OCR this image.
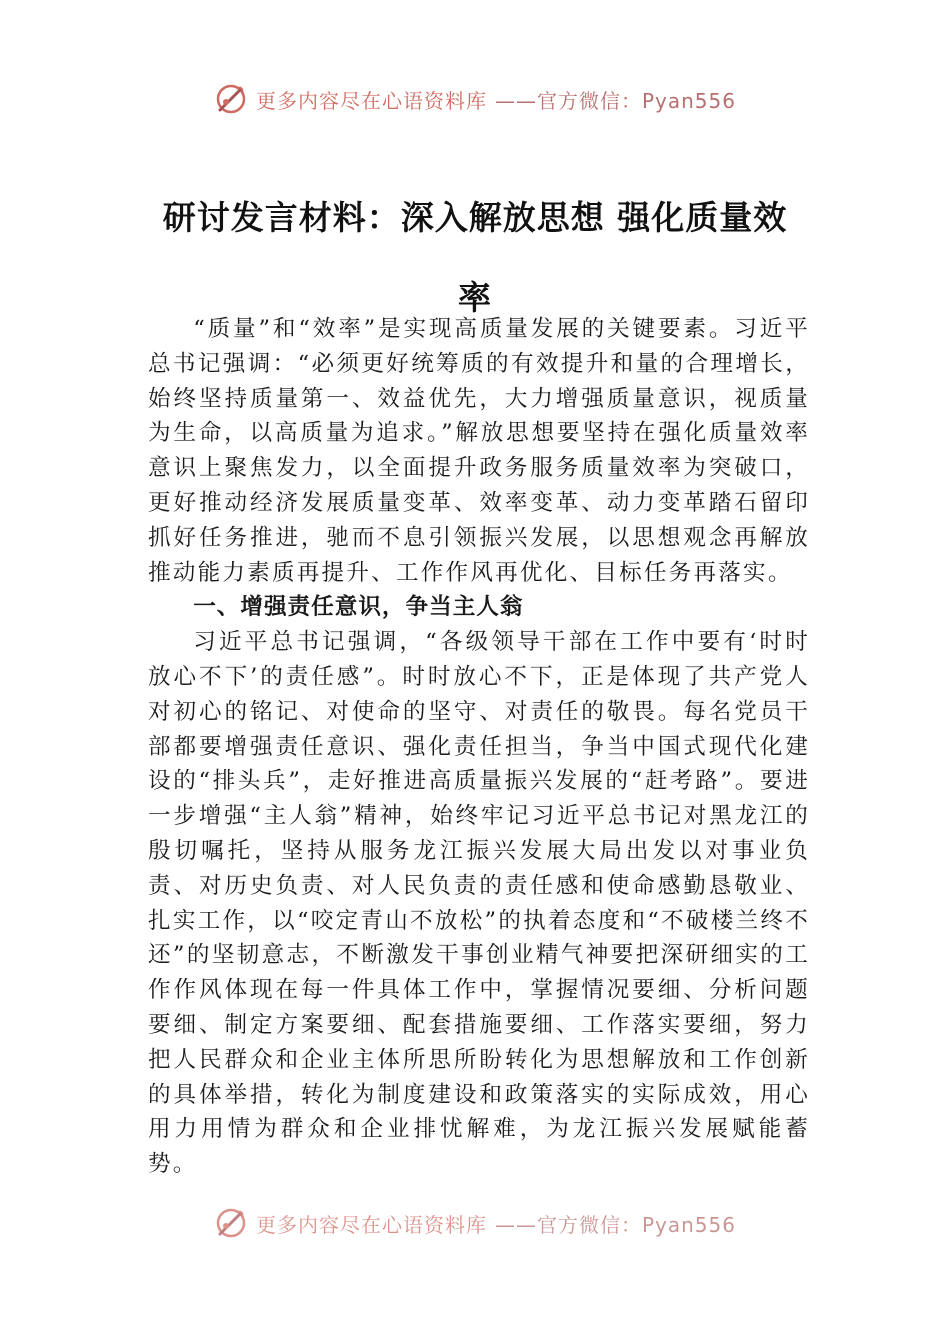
更多内容尽在心语资料库 ——官方微信：Pyan556
研讨发言材料：深入解放思想 强化质量效
率

“质量”和“效率”是实现高质量发展的关键要素。习近平总书记强调：“必须更好统筹质的有效提升和量的合理增长，始终坚持质量第一、效益优先，大力增强质量意识，视质量为生命，以高质量为追求。”解放思想要坚持在强化质量效率意识上聚焦发力，以全面提升政务服务质量效率为突破口，更好推动经济发展质量变革、效率变革、动力变革踏石留印抓好任务推进，驰而不息引领振兴发展，以思想观念再解放推动能力素质再提升、工作作风再优化、目标任务再落实。

一、增强责任意识，争当主人翁

习近平总书记强调，“各级领导干部在工作中要有‘时时放心不下’的责任感”。时时放心不下，正是体现了共产党人对初心的铭记、对使命的坚守、对责任的敬畏。每名党员干部都要增强责任意识、强化责任担当，争当中国式现代化建设的“排头兵”，走好推进高质量振兴发展的“赶考路”。要进一步增强“主人翁”精神，始终牢记习近平总书记对黑龙江的殷切嘱托，坚持从服务龙江振兴发展大局出发以对事业负责、对历史负责、对人民负责的责任感和使命感勤恳敬业、扎实工作，以“咬定青山不放松”的执着态度和“不破楼兰终不还”的坚韧意志，不断激发干事创业精气神要把深研细实的工作作风体现在每一件具体工作中，掌握情况要细、分析问题要细、制定方案要细、配套措施要细、工作落实要细，努力把人民群众和企业主体所思所盼转化为思想解放和工作创新的具体举措，转化为制度建设和政策落实的实际成效，用心用力用情为群众和企业排忧解难，为龙江振兴发展赋能蓄势。

更多内容尽在心语资料库 ——官方微信：Pyan556
